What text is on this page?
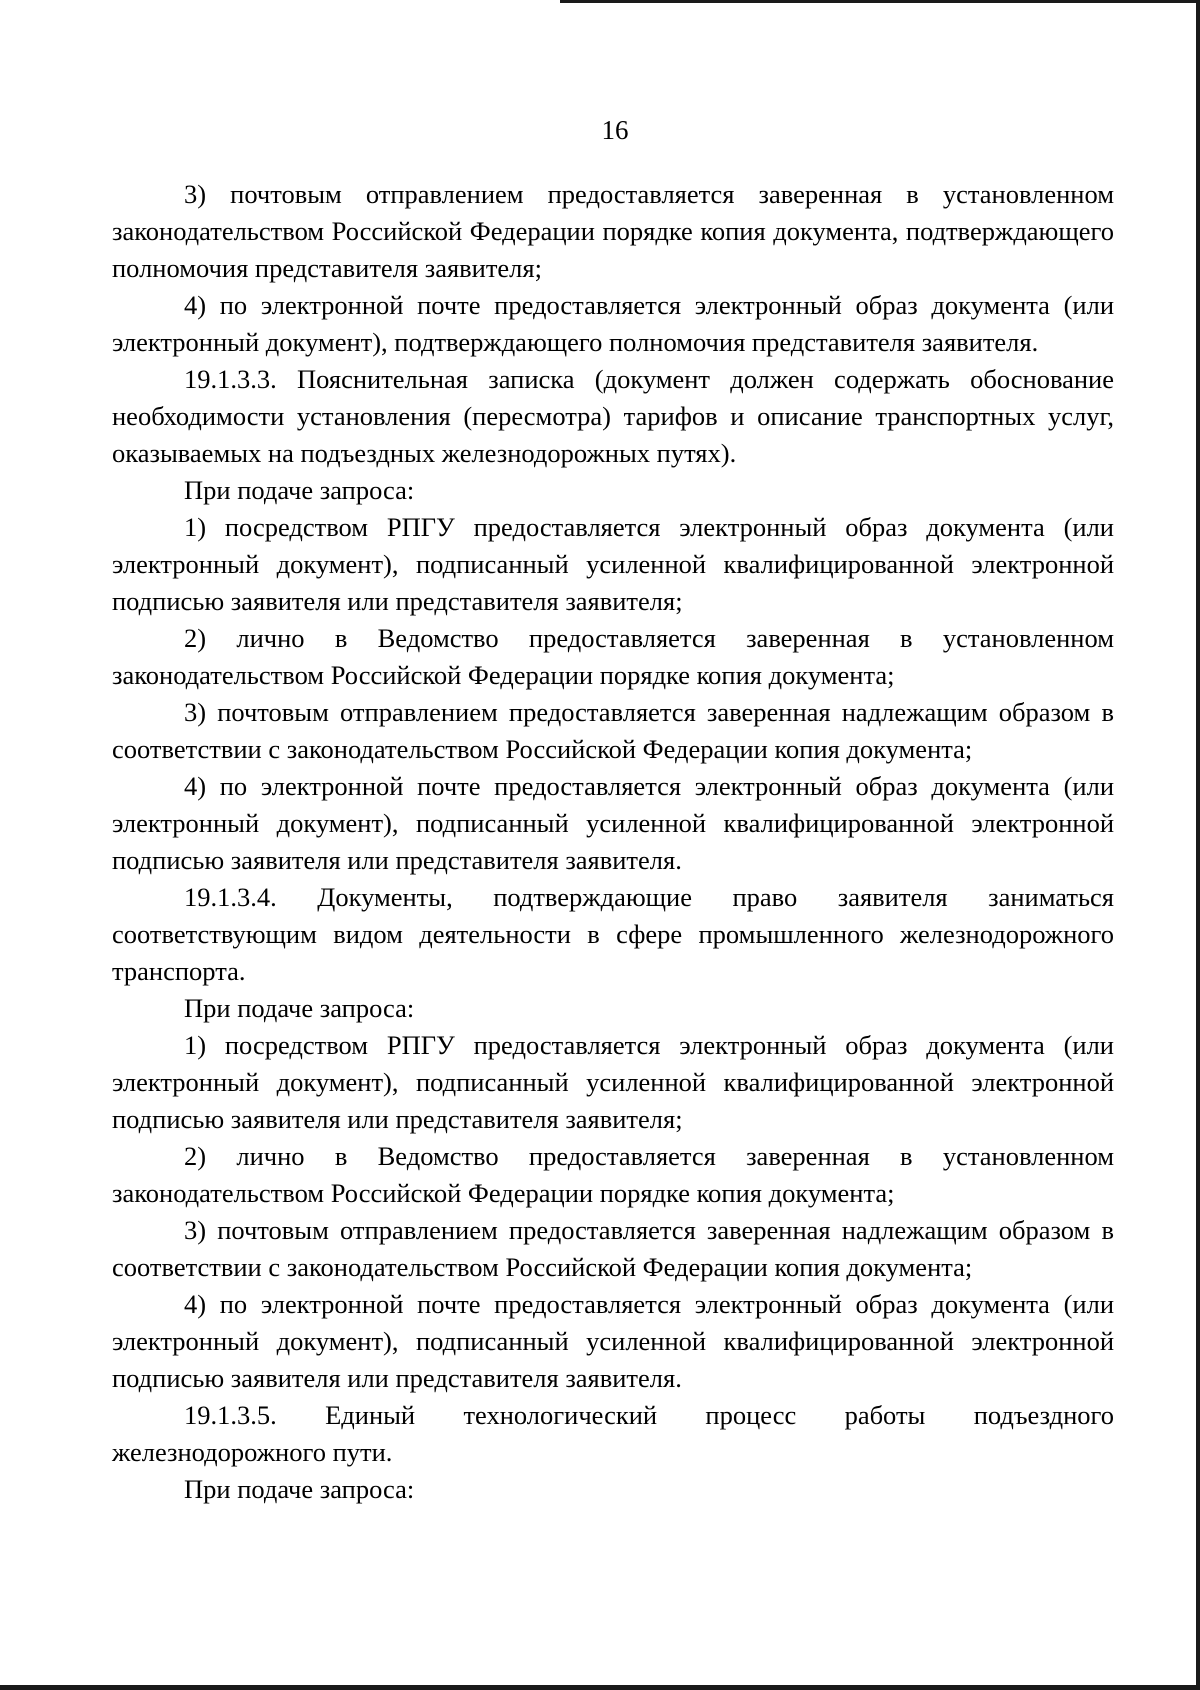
16

3) почтовым отправлением предоставляется заверенная в установленном законодательством Российской Федерации порядке копия документа, подтверждающего полномочия представителя заявителя;

4) по электронной почте предоставляется электронный образ документа (или электронный документ), подтверждающего полномочия представителя заявителя.

19.1.3.3. Пояснительная записка (документ должен содержать обоснование необходимости установления (пересмотра) тарифов и описание транспортных услуг, оказываемых на подъездных железнодорожных путях).

При подаче запроса:

1) посредством РПГУ предоставляется электронный образ документа (или электронный документ), подписанный усиленной квалифицированной электронной подписью заявителя или представителя заявителя;

2) лично в Ведомство предоставляется заверенная в установленном законодательством Российской Федерации порядке копия документа;

3) почтовым отправлением предоставляется заверенная надлежащим образом в соответствии с законодательством Российской Федерации копия документа;

4) по электронной почте предоставляется электронный образ документа (или электронный документ), подписанный усиленной квалифицированной электронной подписью заявителя или представителя заявителя.

19.1.3.4. Документы, подтверждающие право заявителя заниматься соответствующим видом деятельности в сфере промышленного железнодорожного транспорта.

При подаче запроса:

1) посредством РПГУ предоставляется электронный образ документа (или электронный документ), подписанный усиленной квалифицированной электронной подписью заявителя или представителя заявителя;

2) лично в Ведомство предоставляется заверенная в установленном законодательством Российской Федерации порядке копия документа;

3) почтовым отправлением предоставляется заверенная надлежащим образом в соответствии с законодательством Российской Федерации копия документа;

4) по электронной почте предоставляется электронный образ документа (или электронный документ), подписанный усиленной квалифицированной электронной подписью заявителя или представителя заявителя.

19.1.3.5. Единый технологический процесс работы подъездного железнодорожного пути.

При подаче запроса:
